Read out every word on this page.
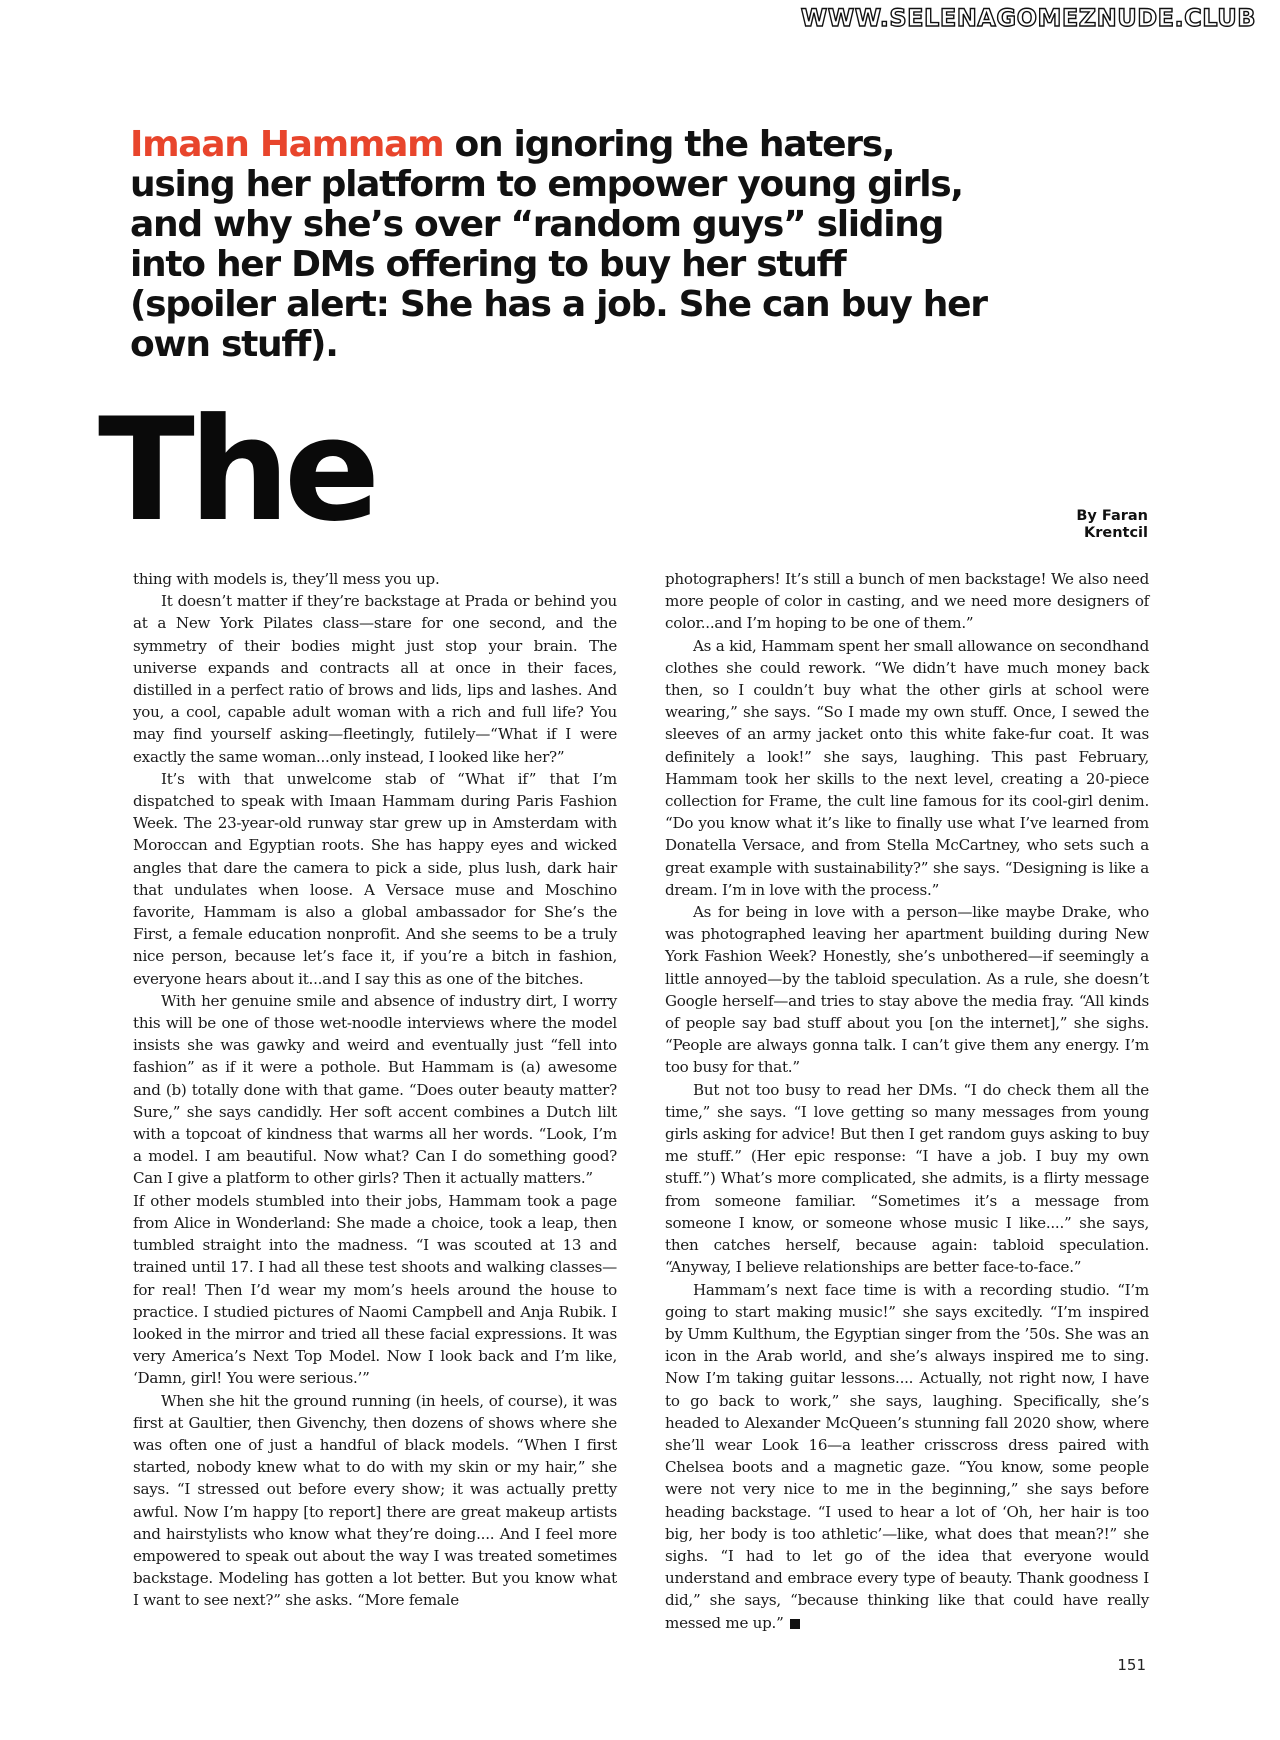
WWW.SELENAGOMEZNUDE.CLUB
Imaan Hammam on ignoring the haters, using her platform to empower young girls, and why she’s over “random guys” sliding into her DMs offering to buy her stuff (spoiler alert: She has a job. She can buy her own stuff).
The	By Faran
Krentcil

thing with models is, they’ll mess you up.

It doesn’t matter if they’re backstage at Prada or behind you at a New York Pilates class—stare for one second, and the symmetry of their bodies might just stop your brain. The universe expands and contracts all at once in their faces, distilled in a perfect ratio of brows and lids, lips and lashes. And you, a cool, capable adult woman with a rich and full life? You may find yourself asking—fleetingly, futilely—“What if I were exactly the same woman...only instead, I looked like her?”

It’s with that unwelcome stab of “What if” that I’m dispatched to speak with Imaan Hammam during Paris Fashion Week. The 23-year-old runway star grew up in Amsterdam with Moroccan and Egyptian roots. She has happy eyes and wicked angles that dare the camera to pick a side, plus lush, dark hair that undulates when loose. A Versace muse and Moschino favorite, Hammam is also a global ambassador for She’s the First, a female education nonprofit. And she seems to be a truly nice person, because let’s face it, if you’re a bitch in fashion, everyone hears about it...and I say this as one of the bitches.

With her genuine smile and absence of industry dirt, I worry this will be one of those wet-noodle interviews where the model insists she was gawky and weird and eventually just “fell into fashion” as if it were a pothole. But Hammam is (a) awesome and (b) totally done with that game. “Does outer beauty matter? Sure,” she says candidly. Her soft accent combines a Dutch lilt with a topcoat of kindness that warms all her words. “Look, I’m a model. I am beautiful. Now what? Can I do something good? Can I give a platform to other girls? Then it actually matters.”

If other models stumbled into their jobs, Hammam took a page from Alice in Wonderland: She made a choice, took a leap, then tumbled straight into the madness. “I was scouted at 13 and trained until 17. I had all these test shoots and walking classes—for real! Then I’d wear my mom’s heels around the house to practice. I studied pictures of Naomi Campbell and Anja Rubik. I looked in the mirror and tried all these facial expressions. It was very America’s Next Top Model. Now I look back and I’m like, ‘Damn, girl! You were serious.’”

When she hit the ground running (in heels, of course), it was first at Gaultier, then Givenchy, then dozens of shows where she was often one of just a handful of black models. “When I first started, nobody knew what to do with my skin or my hair,” she says. “I stressed out before every show; it was actually pretty awful. Now I’m happy [to report] there are great makeup artists and hairstylists who know what they’re doing.... And I feel more empowered to speak out about the way I was treated sometimes backstage. Modeling has gotten a lot better. But you know what I want to see next?” she asks. “More female

photographers! It’s still a bunch of men backstage! We also need more people of color in casting, and we need more designers of color...and I’m hoping to be one of them.”

As a kid, Hammam spent her small allowance on secondhand clothes she could rework. “We didn’t have much money back then, so I couldn’t buy what the other girls at school were wearing,” she says. “So I made my own stuff. Once, I sewed the sleeves of an army jacket onto this white fake-fur coat. It was definitely a look!” she says, laughing. This past February, Hammam took her skills to the next level, creating a 20-piece collection for Frame, the cult line famous for its cool-girl denim. “Do you know what it’s like to finally use what I’ve learned from Donatella Versace, and from Stella McCartney, who sets such a great example with sustainability?” she says. “Designing is like a dream. I’m in love with the process.”

As for being in love with a person—like maybe Drake, who was photographed leaving her apartment building during New York Fashion Week? Honestly, she’s unbothered—if seemingly a little annoyed—by the tabloid speculation. As a rule, she doesn’t Google herself—and tries to stay above the media fray. “All kinds of people say bad stuff about you [on the internet],” she sighs. “People are always gonna talk. I can’t give them any energy. I’m too busy for that.”

But not too busy to read her DMs. “I do check them all the time,” she says. “I love getting so many messages from young girls asking for advice! But then I get random guys asking to buy me stuff.” (Her epic response: “I have a job. I buy my own stuff.”) What’s more complicated, she admits, is a flirty message from someone familiar. “Sometimes it’s a message from someone I know, or someone whose music I like....” she says, then catches herself, because again: tabloid speculation. “Anyway, I believe relationships are better face-to-face.”

Hammam’s next face time is with a recording studio. “I’m going to start making music!” she says excitedly. “I’m inspired by Umm Kulthum, the Egyptian singer from the ’50s. She was an icon in the Arab world, and she’s always inspired me to sing. Now I’m taking guitar lessons.... Actually, not right now, I have to go back to work,” she says, laughing. Specifically, she’s headed to Alexander McQueen’s stunning fall 2020 show, where she’ll wear Look 16—a leather crisscross dress paired with Chelsea boots and a magnetic gaze. “You know, some people were not very nice to me in the beginning,” she says before heading backstage. “I used to hear a lot of ‘Oh, her hair is too big, her body is too athletic’—like, what does that mean?!” she sighs. “I had to let go of the idea that everyone would understand and embrace every type of beauty. Thank goodness I did,” she says, “because thinking like that could have really messed me up.”

151
